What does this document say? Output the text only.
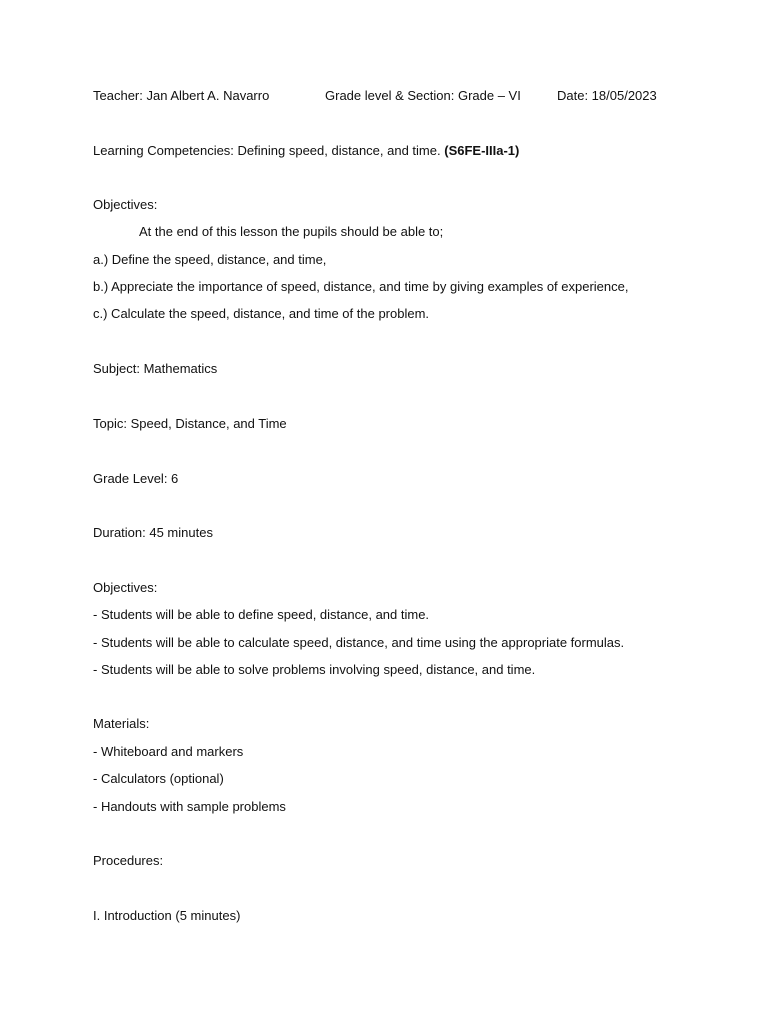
Teacher: Jan Albert A. Navarro	Grade level & Section: Grade – VI	Date: 18/05/2023
Learning Competencies: Defining speed, distance, and time. (S6FE-IIIa-1)
Objectives:
At the end of this lesson the pupils should be able to;
a.) Define the speed, distance, and time,
b.) Appreciate the importance of speed, distance, and time by giving examples of experience,
c.) Calculate the speed, distance, and time of the problem.
Subject: Mathematics
Topic: Speed, Distance, and Time
Grade Level: 6
Duration: 45 minutes
Objectives:
- Students will be able to define speed, distance, and time.
- Students will be able to calculate speed, distance, and time using the appropriate formulas.
- Students will be able to solve problems involving speed, distance, and time.
Materials:
- Whiteboard and markers
- Calculators (optional)
- Handouts with sample problems
Procedures:
I. Introduction (5 minutes)
